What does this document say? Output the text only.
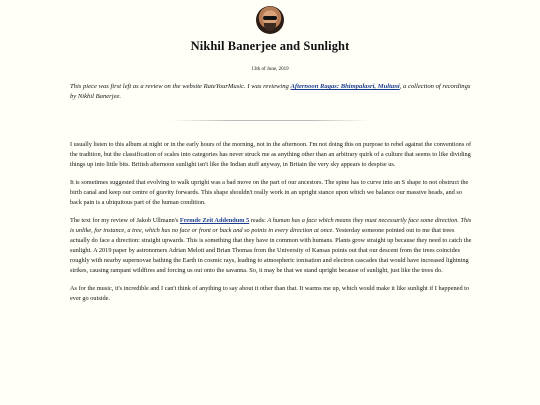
Nikhil Banerjee and Sunlight
13th of June, 2019
This piece was first left as a review on the website RateYourMusic. I was reviewing Afternoon Ragas: Bhimpalasri, Multani, a collection of recordings by Nikhil Banerjee.

I usually listen to this album at night or in the early hours of the morning, not in the afternoon. I'm not doing this on purpose to rebel against the conventions of the tradition, but the classification of scales into categories has never struck me as anything other than an arbitrary quirk of a culture that seems to like dividing things up into little bits. British afternoon sunlight isn't like the Indian stuff anyway, in Britain the very sky appears to despise us.

It is sometimes suggested that evolving to walk upright was a bad move on the part of our ancestors. The spine has to curve into an S shape to not obstruct the birth canal and keep our centre of gravity forwards. This shape shouldn't really work in an upright stance upon which we balance our massive heads, and so back pain is a ubiquitous part of the human condition.

The text for my review of Jakob Ullmann's Fremde Zeit Addendum 5 reads: A human has a face which means they must necessarily face some direction. This is unlike, for instance, a tree, which has no face or front or back and so points in every direction at once. Yesterday someone pointed out to me that trees actually do face a direction: straight upwards. This is something that they have in common with humans. Plants grow straight up because they need to catch the sunlight. A 2019 paper by astronomers Adrian Melott and Brian Thomas from the University of Kansas points out that our descent from the trees coincides roughly with nearby supernovae bathing the Earth in cosmic rays, leading to atmospheric ionisation and electron cascades that would have increased lightning strikes, causing rampant wildfires and forcing us out onto the savanna. So, it may be that we stand upright because of sunlight, just like the trees do.

As for the music, it's incredible and I can't think of anything to say about it other than that. It warms me up, which would make it like sunlight if I happened to ever go outside.
